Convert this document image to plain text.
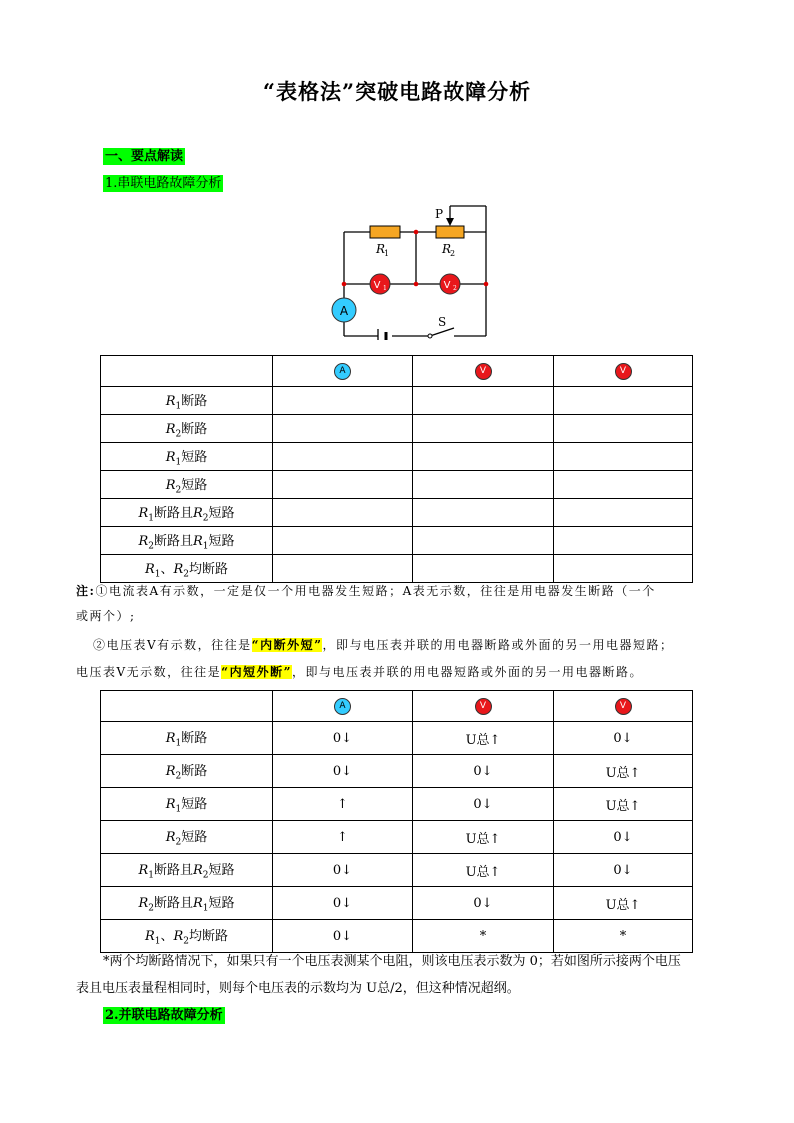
“表格法”突破电路故障分析
一、要点解读
1.串联电路故障分析
A
V 1	V 2
R
1	R
2
P
S
	A	V	V
$R_1$断路			
$R_2$断路			
$R_1$短路			
$R_2$短路			
$R_1$断路且$R_2$短路			
$R_2$断路且$R_1$短路			
$R_1$、$R_2$均断路			
注:①电流表A有示数，一定是仅一个用电器发生短路；A表无示数，往往是用电器发生断路（一个
或两个）;
②电压表V有示数，往往是“内断外短”，即与电压表并联的用电器断路或外面的另一用电器短路；
电压表V无示数，往往是“内短外断”，即与电压表并联的用电器短路或外面的另一用电器断路。
	A	V	V
$R_1$断路	0↓	U总↑	0↓
$R_2$断路	0↓	0↓	U总↑
$R_1$短路	↑	0↓	U总↑
$R_2$短路	↑	U总↑	0↓
$R_1$断路且$R_2$短路	0↓	U总↑	0↓
$R_2$断路且$R_1$短路	0↓	0↓	U总↑
$R_1$、$R_2$均断路	0↓	*	*
*两个均断路情况下，如果只有一个电压表测某个电阻，则该电压表示数为 0；若如图所示接两个电压
表且电压表量程相同时，则每个电压表的示数均为 U总/2，但这种情况超纲。
2.并联电路故障分析
